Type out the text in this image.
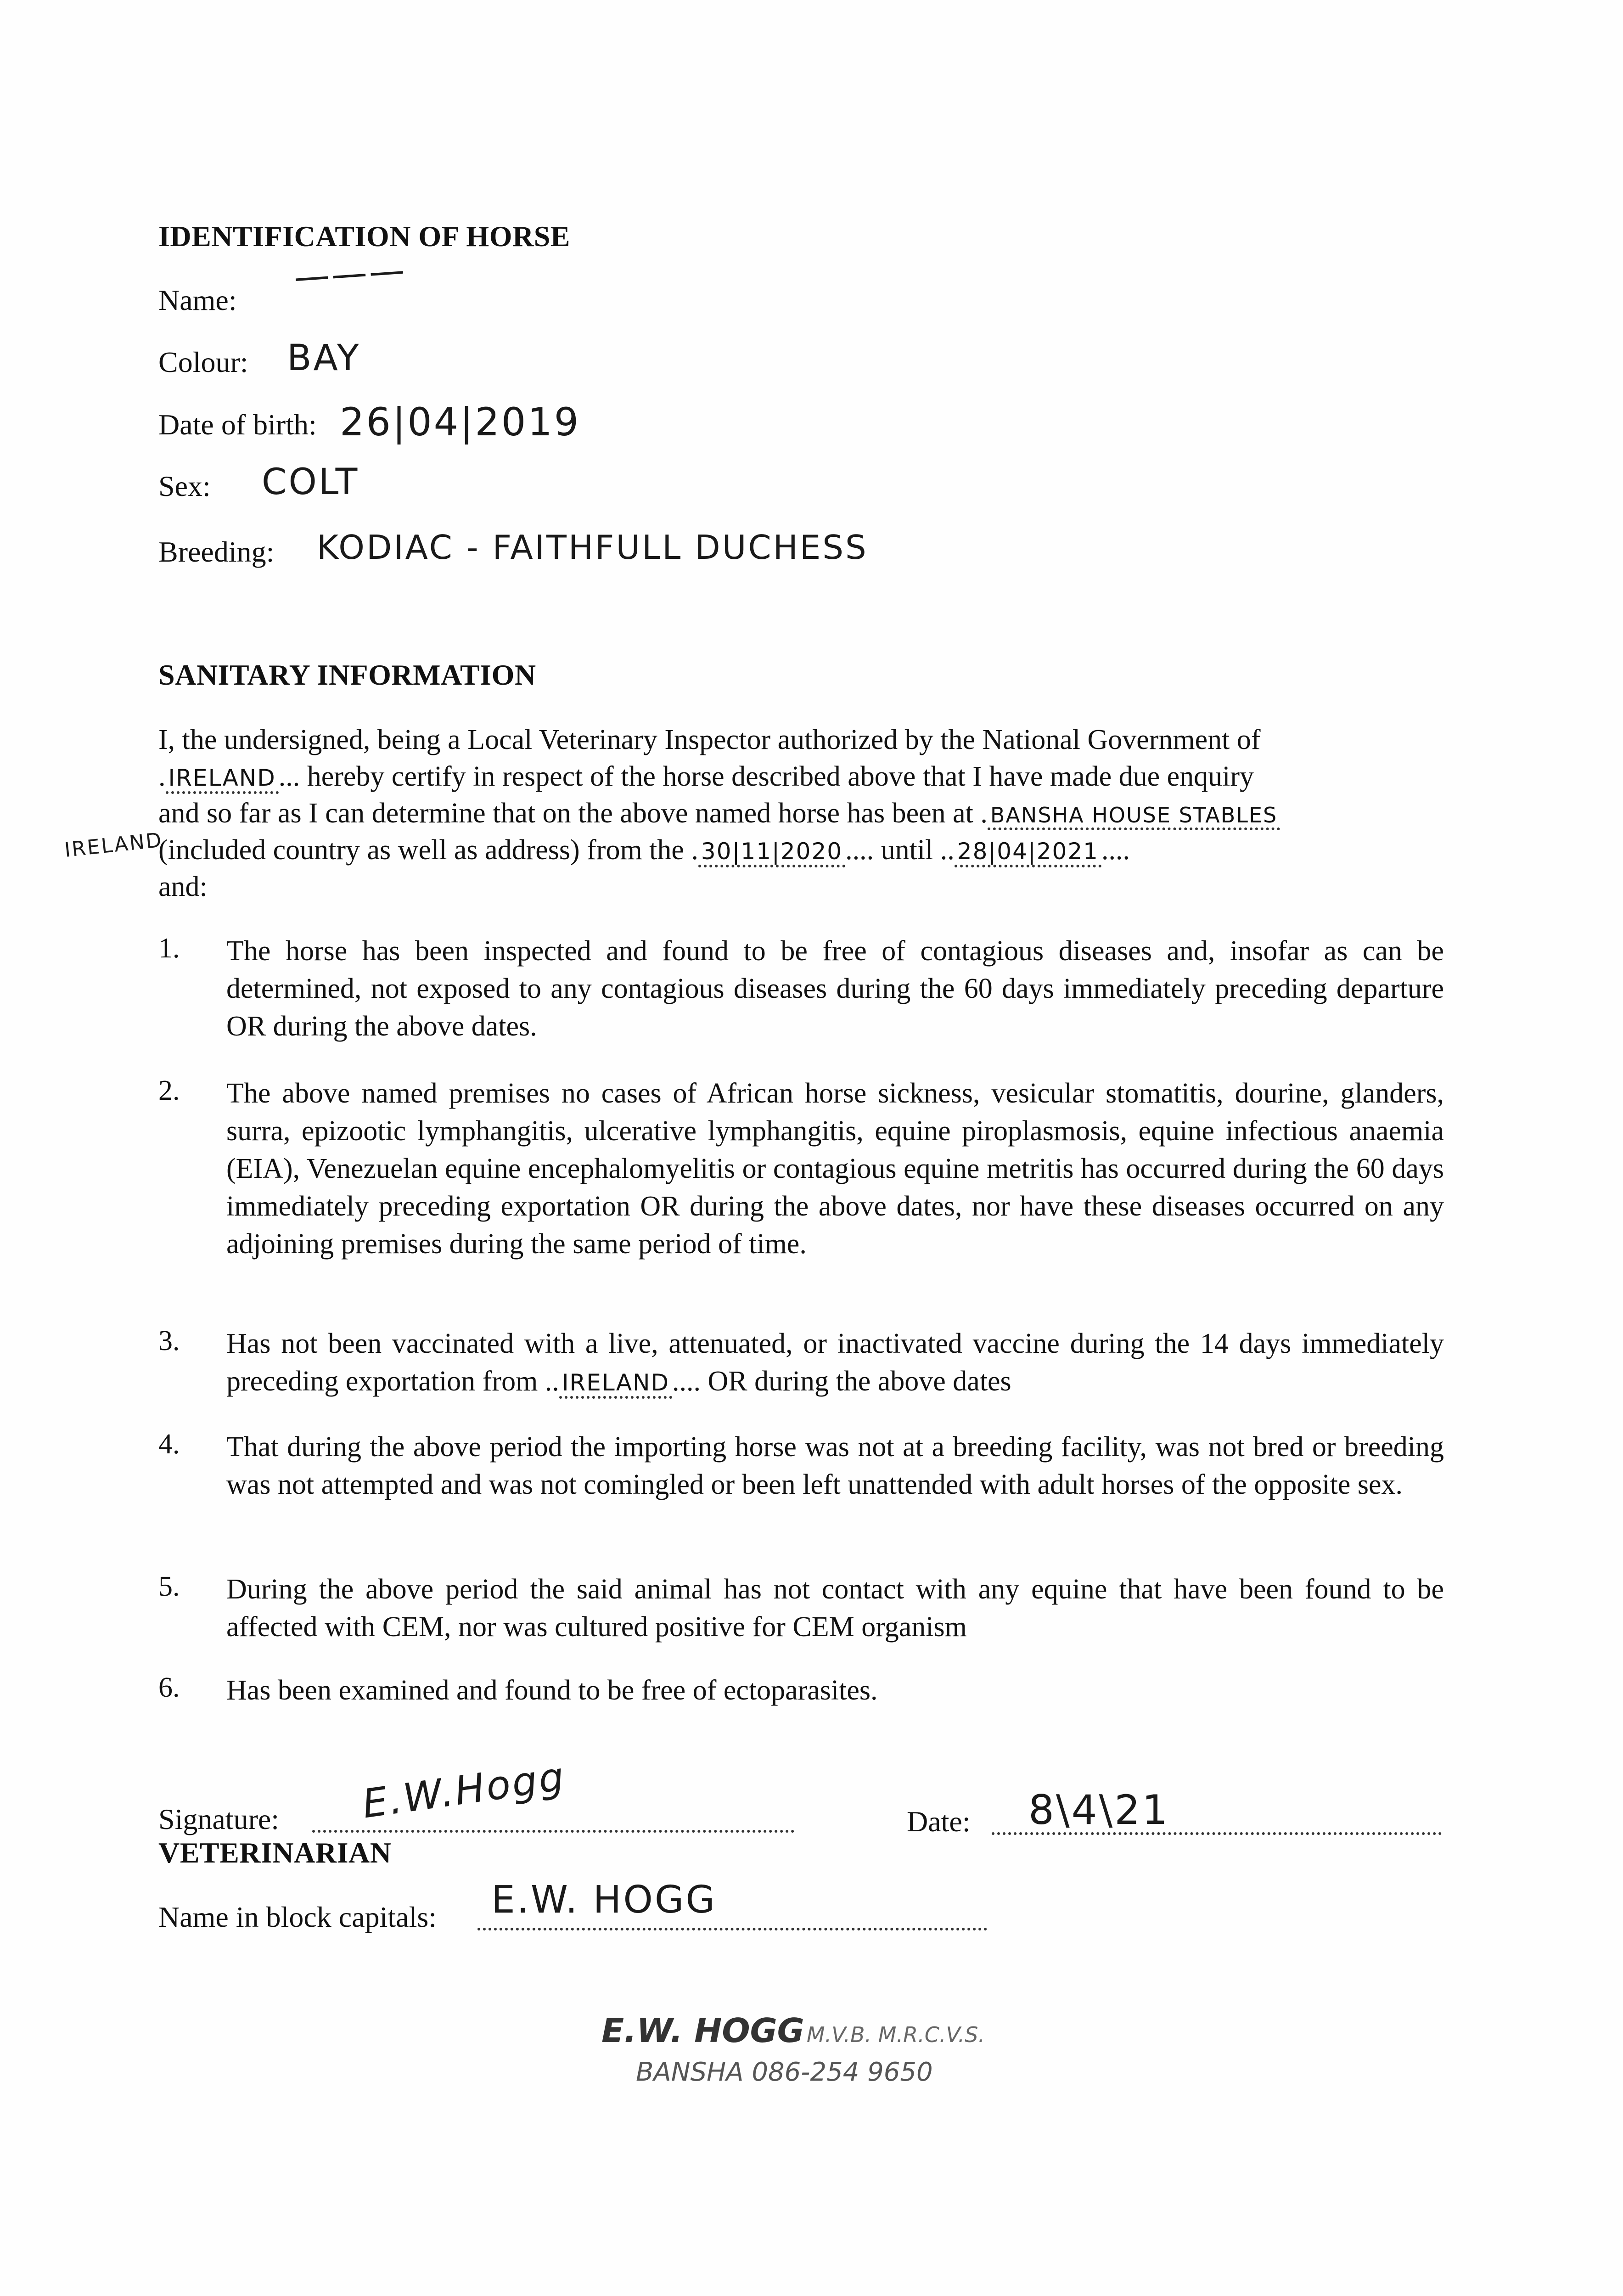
IDENTIFICATION OF HORSE
Name:
———
Colour: BAY
Date of birth: 26|04|2019
Sex: COLT
Breeding: KODIAC - FAITHFULL DUCHESS
SANITARY INFORMATION
I, the undersigned, being a Local Veterinary Inspector authorized by the National Government of
. IRELAND... hereby certify in respect of the horse described above that I have made due enquiry
and so far as I can determine that on the above named horse has been at . BANSHA HOUSE STABLES
IRELAND
(included country as well as address) from the . 30|11|2020.... until .. 28|04|2021....
and:
1. The horse has been inspected and found to be free of contagious diseases and, insofar as can be determined, not exposed to any contagious diseases during the 60 days immediately preceding departure OR during the above dates.
2. The above named premises no cases of African horse sickness, vesicular stomatitis, dourine, glanders, surra, epizootic lymphangitis, ulcerative lymphangitis, equine piroplasmosis, equine infectious anaemia (EIA), Venezuelan equine encephalomyelitis or contagious equine metritis has occurred during the 60 days immediately preceding exportation OR during the above dates, nor have these diseases occurred on any adjoining premises during the same period of time.
3. Has not been vaccinated with a live, attenuated, or inactivated vaccine during the 14 days immediately preceding exportation from .. IRELAND.... OR during the above dates
4. That during the above period the importing horse was not at a breeding facility, was not bred or breeding was not attempted and was not comingled or been left unattended with adult horses of the opposite sex.
5. During the above period the said animal has not contact with any equine that have been found to be affected with CEM, nor was cultured positive for CEM organism
6. Has been examined and found to be free of ectoparasites.
Signature: E.W.Hogg
VETERINARIAN
Date: 8\4\21
Name in block capitals: E.W. HOGG
E.W. HOGG M.V.B. M.R.C.V.S.
BANSHA 086-254 9650
